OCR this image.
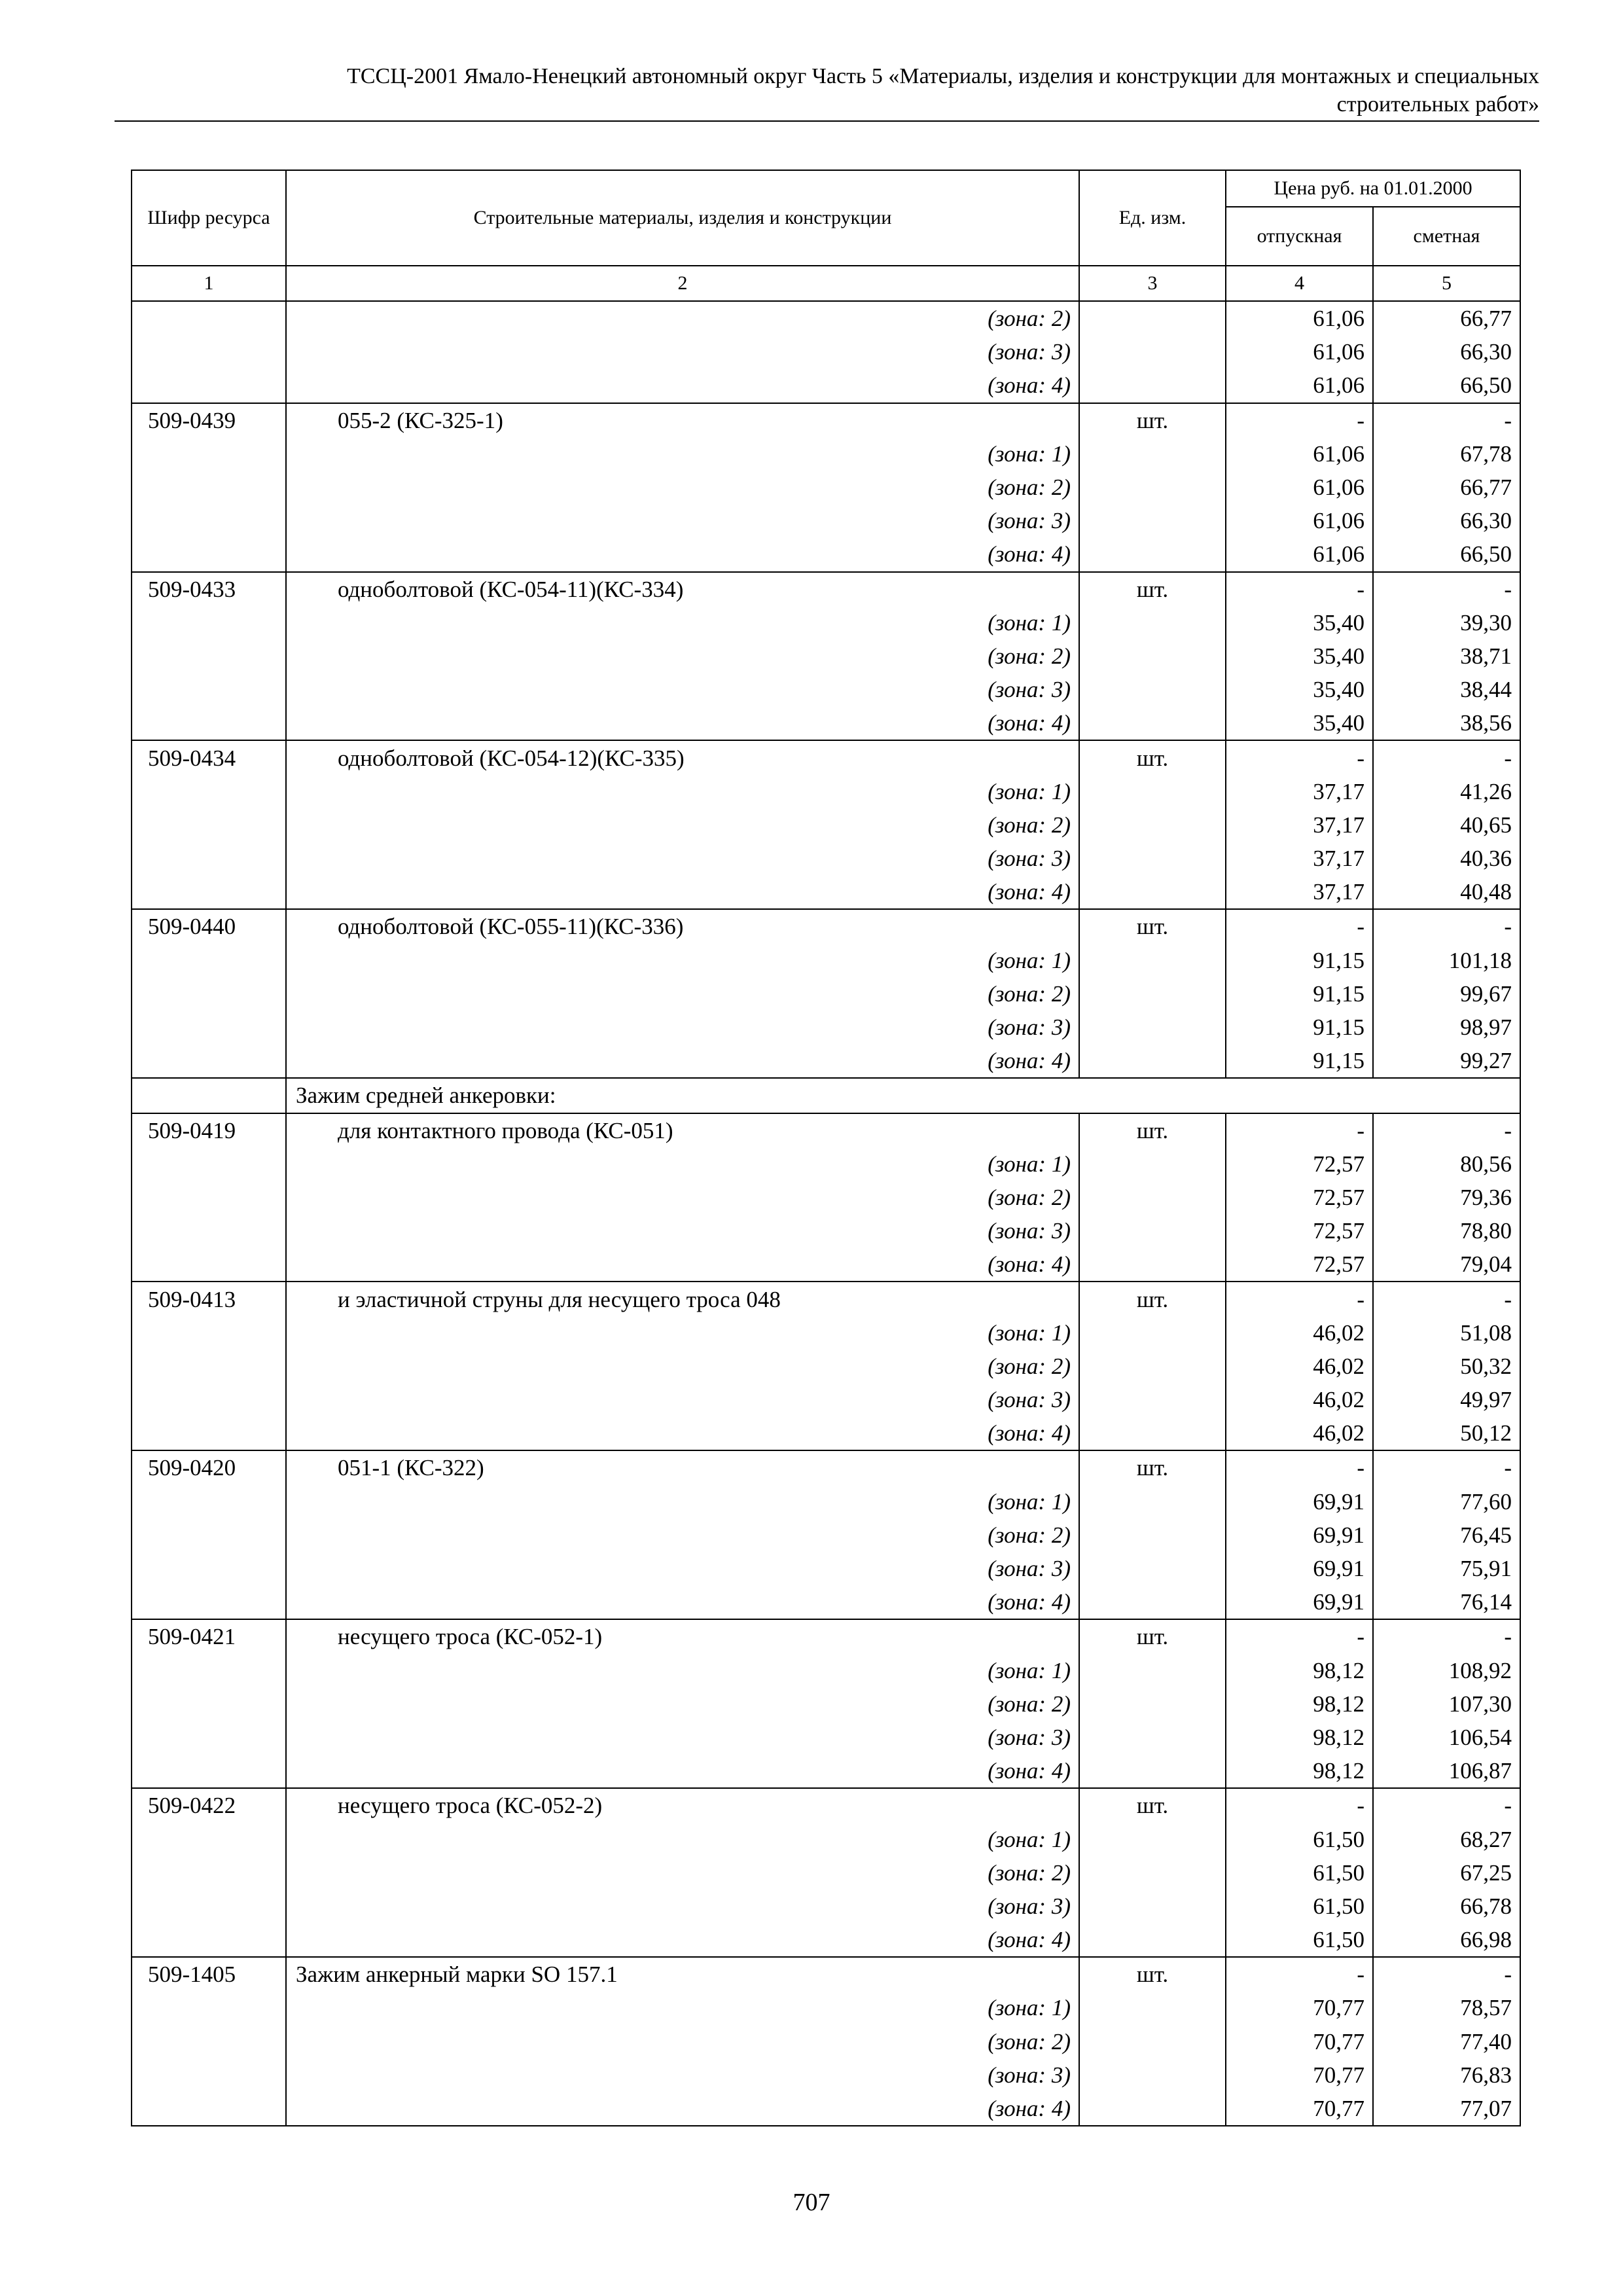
ТССЦ-2001 Ямало-Ненецкий автономный округ Часть 5 «Материалы, изделия и конструкции для монтажных и специальных
строительных работ»
Шифр ресурса	Строительные материалы, изделия и конструкции	Ед. изм.	Цена руб. на 01.01.2000	
			отпускная	сметная
1	2	3	4	5
	(зона: 2)		61,06	66,77
	(зона: 3)		61,06	66,30
	(зона: 4)		61,06	66,50
509-0439	055-2 (КС-325-1)	шт.	-	-
	(зона: 1)		61,06	67,78
	(зона: 2)		61,06	66,77
	(зона: 3)		61,06	66,30
	(зона: 4)		61,06	66,50
509-0433	одноболтовой (КС-054-11)(КС-334)	шт.	-	-
	(зона: 1)		35,40	39,30
	(зона: 2)		35,40	38,71
	(зона: 3)		35,40	38,44
	(зона: 4)		35,40	38,56
509-0434	одноболтовой (КС-054-12)(КС-335)	шт.	-	-
	(зона: 1)		37,17	41,26
	(зона: 2)		37,17	40,65
	(зона: 3)		37,17	40,36
	(зона: 4)		37,17	40,48
509-0440	одноболтовой (КС-055-11)(КС-336)	шт.	-	-
	(зона: 1)		91,15	101,18
	(зона: 2)		91,15	99,67
	(зона: 3)		91,15	98,97
	(зона: 4)		91,15	99,27
	Зажим средней анкеровки:			
509-0419	для контактного провода (КС-051)	шт.	-	-
	(зона: 1)		72,57	80,56
	(зона: 2)		72,57	79,36
	(зона: 3)		72,57	78,80
	(зона: 4)		72,57	79,04
509-0413	и эластичной струны для несущего троса 048	шт.	-	-
	(зона: 1)		46,02	51,08
	(зона: 2)		46,02	50,32
	(зона: 3)		46,02	49,97
	(зона: 4)		46,02	50,12
509-0420	051-1 (КС-322)	шт.	-	-
	(зона: 1)		69,91	77,60
	(зона: 2)		69,91	76,45
	(зона: 3)		69,91	75,91
	(зона: 4)		69,91	76,14
509-0421	несущего троса (КС-052-1)	шт.	-	-
	(зона: 1)		98,12	108,92
	(зона: 2)		98,12	107,30
	(зона: 3)		98,12	106,54
	(зона: 4)		98,12	106,87
509-0422	несущего троса (КС-052-2)	шт.	-	-
	(зона: 1)		61,50	68,27
	(зона: 2)		61,50	67,25
	(зона: 3)		61,50	66,78
	(зона: 4)		61,50	66,98
509-1405	Зажим анкерный марки SO 157.1	шт.	-	-
	(зона: 1)		70,77	78,57
	(зона: 2)		70,77	77,40
	(зона: 3)		70,77	76,83
	(зона: 4)		70,77	77,07
707
